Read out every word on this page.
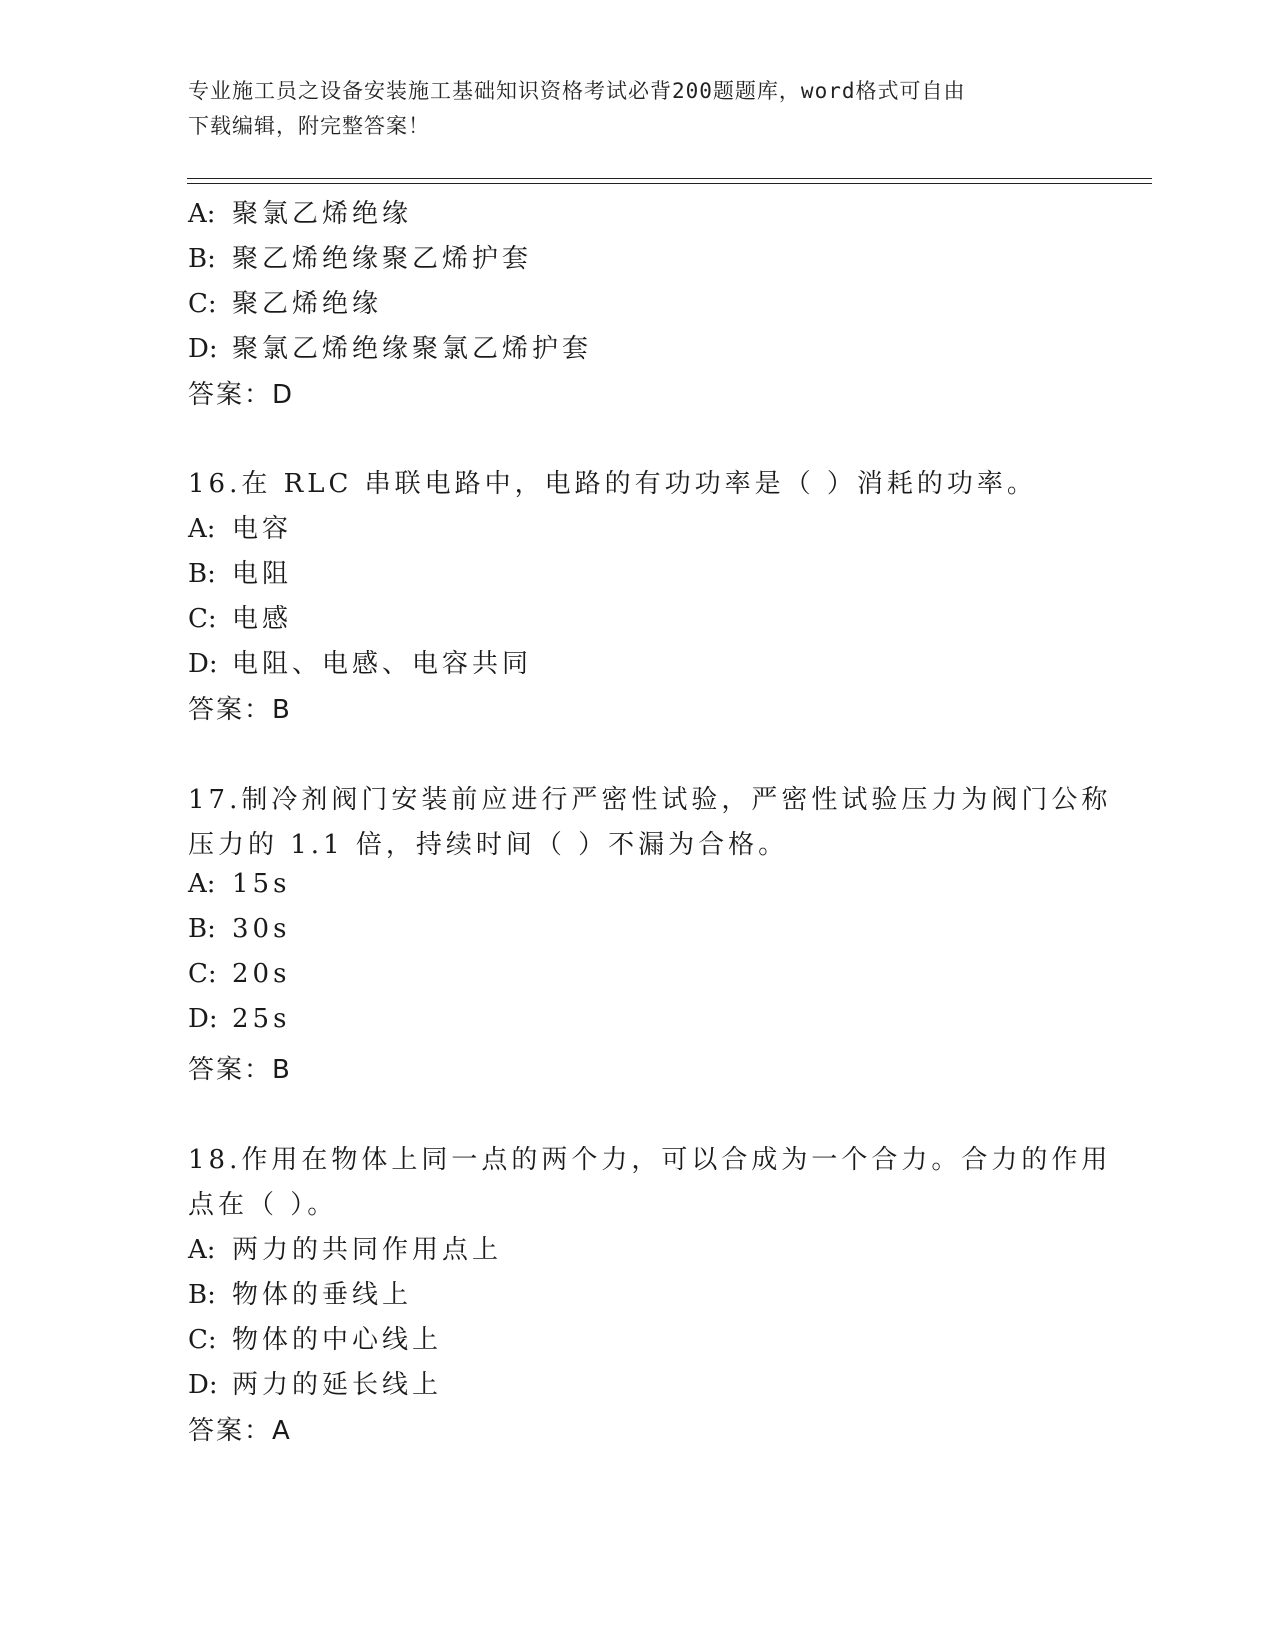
专业施工员之设备安装施工基础知识资格考试必背200题题库，word格式可自由
下载编辑，附完整答案！
A: 聚氯乙烯绝缘
B: 聚乙烯绝缘聚乙烯护套
C: 聚乙烯绝缘
D: 聚氯乙烯绝缘聚氯乙烯护套
答案：D
16.在 RLC 串联电路中，电路的有功功率是（ ）消耗的功率。
A: 电容
B: 电阻
C: 电感
D: 电阻、电感、电容共同
答案：B
17.制冷剂阀门安装前应进行严密性试验，严密性试验压力为阀门公称
压力的 1.1 倍，持续时间（ ）不漏为合格。
A: 15s
B: 30s
C: 20s
D: 25s
答案：B
18.作用在物体上同一点的两个力，可以合成为一个合力。合力的作用
点在（ ）。
A: 两力的共同作用点上
B: 物体的垂线上
C: 物体的中心线上
D: 两力的延长线上
答案：A
